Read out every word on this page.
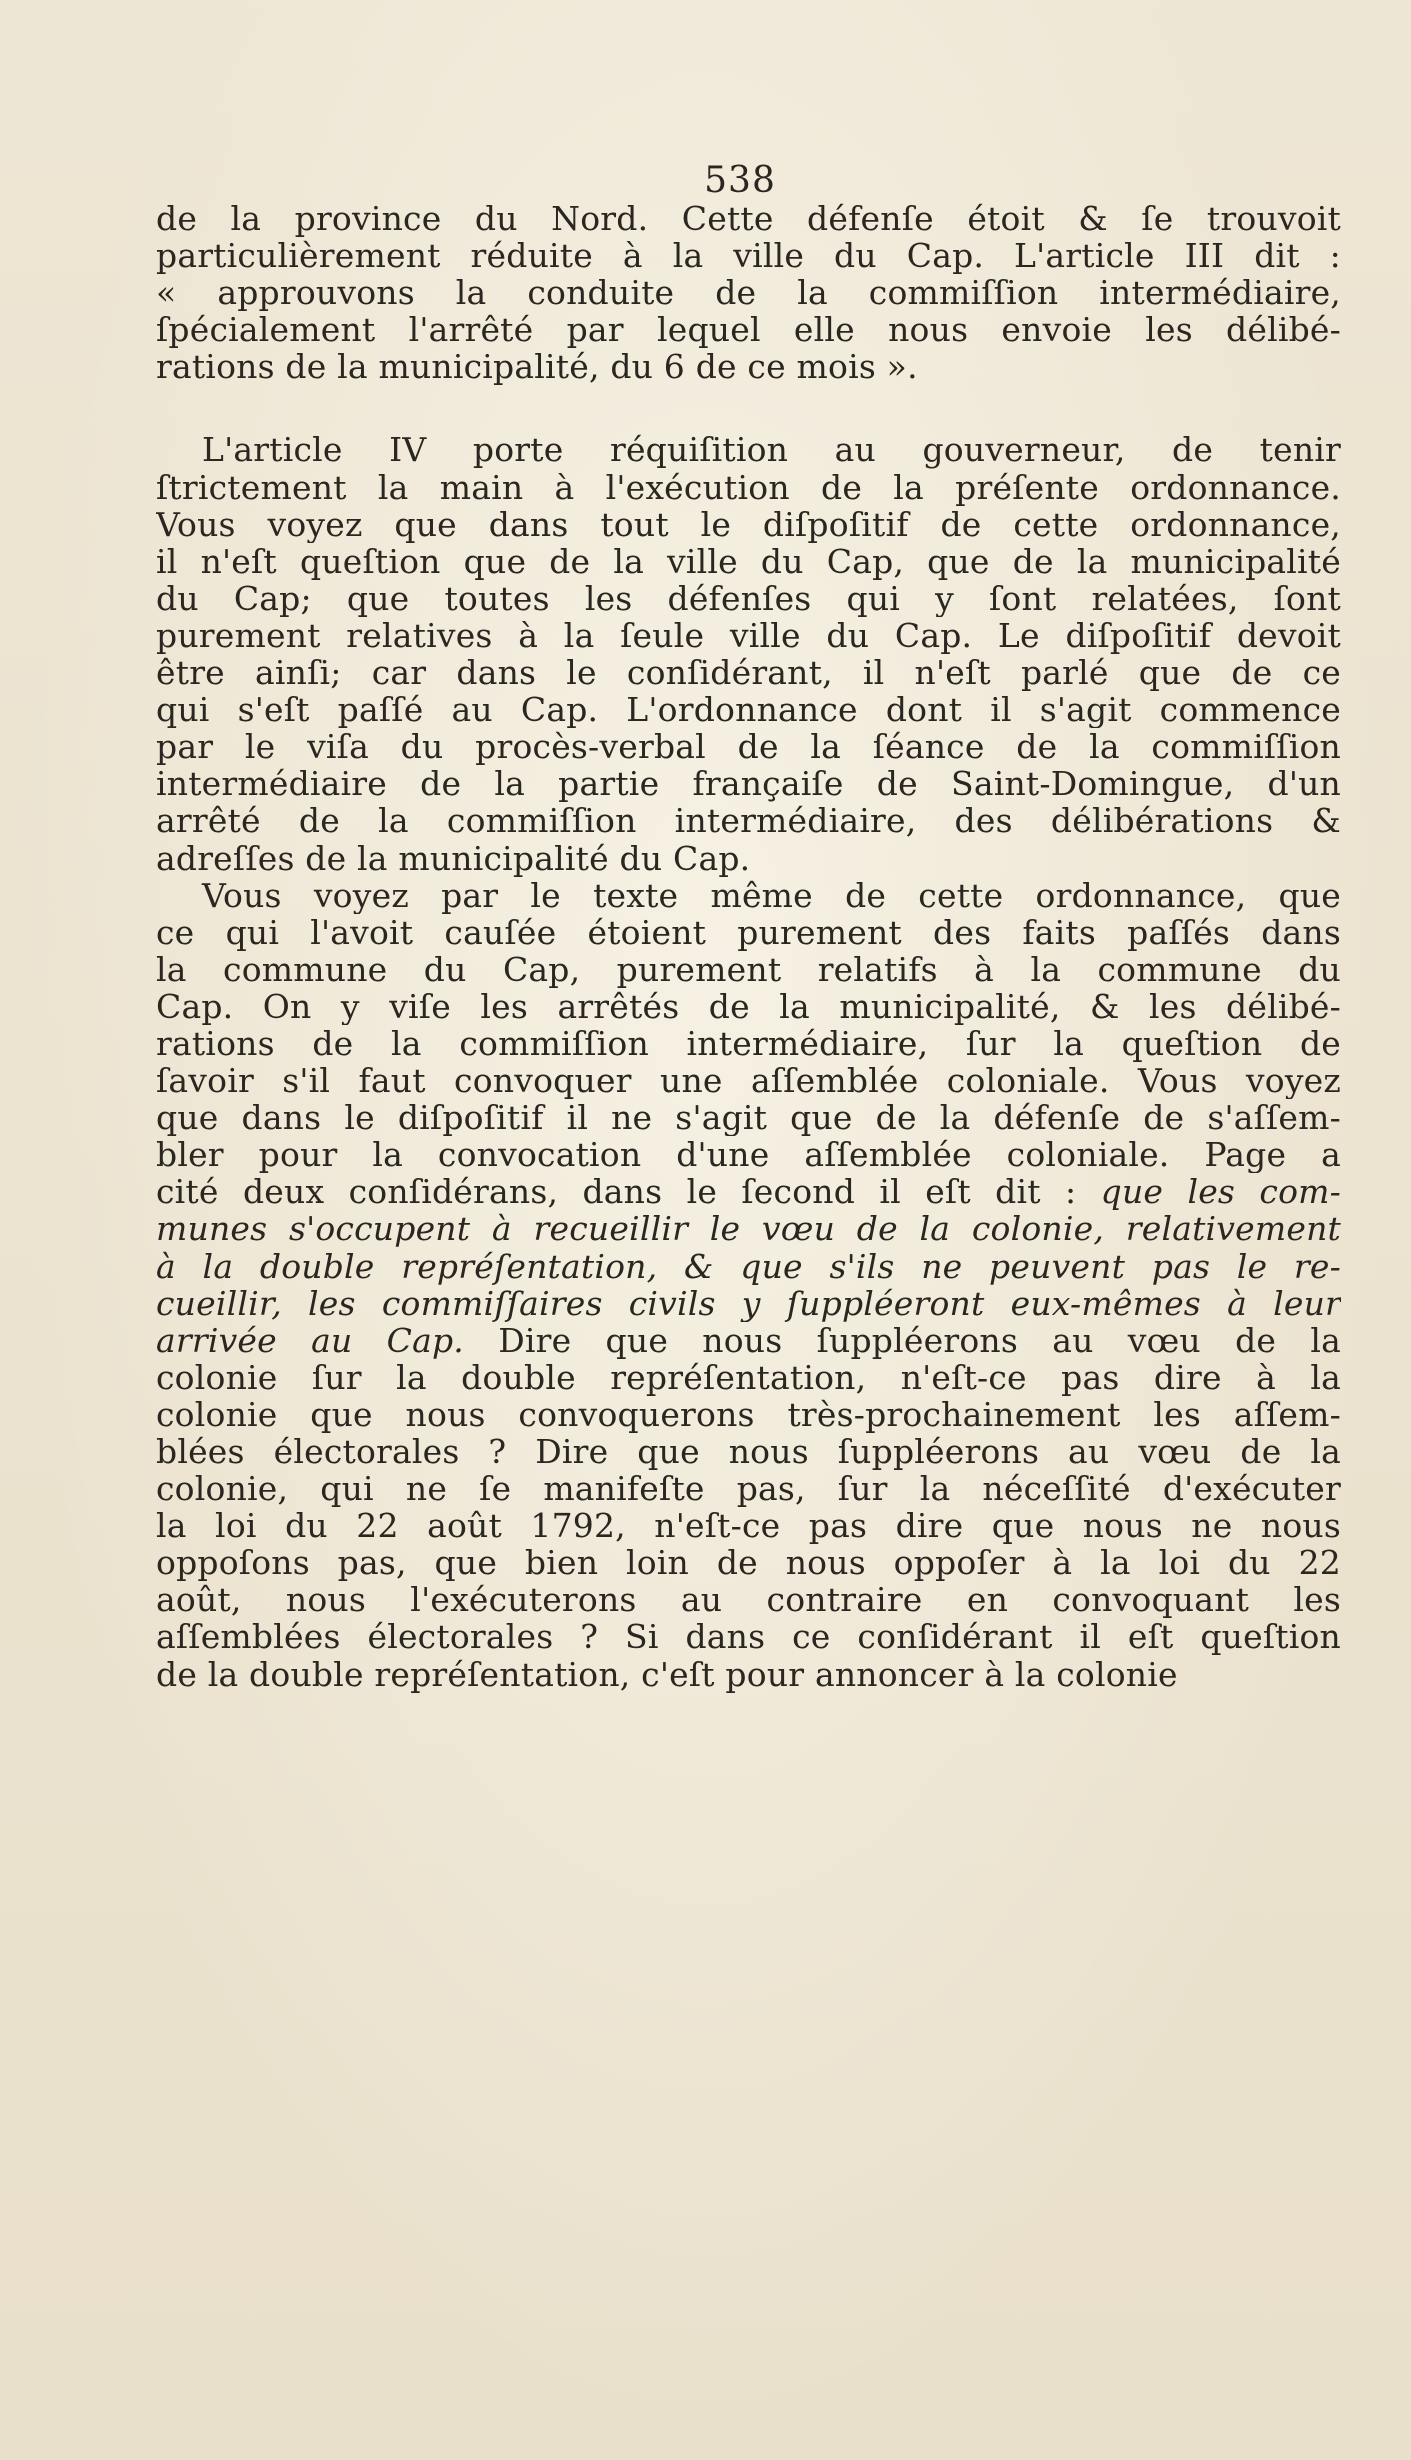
538
de la province du Nord. Cette défenſe étoit & ſe trouvoit
particulièrement réduite à la ville du Cap. L'article III dit :
« approuvons la conduite de la commiſſion intermédiaire,
ſpécialement l'arrêté par lequel elle nous envoie les délibé-
rations de la municipalité, du 6 de ce mois ».
L'article IV porte réquiſition au gouverneur, de tenir
ſtrictement la main à l'exécution de la préſente ordonnance.
Vous voyez que dans tout le diſpoſitif de cette ordonnance,
il n'eſt queſtion que de la ville du Cap, que de la municipalité
du Cap; que toutes les défenſes qui y ſont relatées, ſont
purement relatives à la ſeule ville du Cap. Le diſpoſitif devoit
être ainſi; car dans le conſidérant, il n'eſt parlé que de ce
qui s'eſt paſſé au Cap. L'ordonnance dont il s'agit commence
par le viſa du procès-verbal de la ſéance de la commiſſion
intermédiaire de la partie françaiſe de Saint-Domingue, d'un
arrêté de la commiſſion intermédiaire, des délibérations &
adreſſes de la municipalité du Cap.
Vous voyez par le texte même de cette ordonnance, que
ce qui l'avoit cauſée étoient purement des faits paſſés dans
la commune du Cap, purement relatifs à la commune du
Cap. On y viſe les arrêtés de la municipalité, & les délibé-
rations de la commiſſion intermédiaire, ſur la queſtion de
ſavoir s'il faut convoquer une aſſemblée coloniale. Vous voyez
que dans le diſpoſitif il ne s'agit que de la défenſe de s'aſſem-
bler pour la convocation d'une aſſemblée coloniale. Page a
cité deux conſidérans, dans le ſecond il eſt dit : que les com-
munes s'occupent à recueillir le vœu de la colonie, relativement
à la double repréſentation, & que s'ils ne peuvent pas le re-
cueillir, les commiſſaires civils y ſuppléeront eux-mêmes à leur
arrivée au Cap. Dire que nous ſuppléerons au vœu de la
colonie ſur la double repréſentation, n'eſt-ce pas dire à la
colonie que nous convoquerons très-prochainement les aſſem-
blées électorales ? Dire que nous ſuppléerons au vœu de la
colonie, qui ne ſe manifeſte pas, ſur la néceſſité d'exécuter
la loi du 22 août 1792, n'eſt-ce pas dire que nous ne nous
oppoſons pas, que bien loin de nous oppoſer à la loi du 22
août, nous l'exécuterons au contraire en convoquant les
aſſemblées électorales ? Si dans ce conſidérant il eſt queſtion
de la double repréſentation, c'eſt pour annoncer à la colonie
